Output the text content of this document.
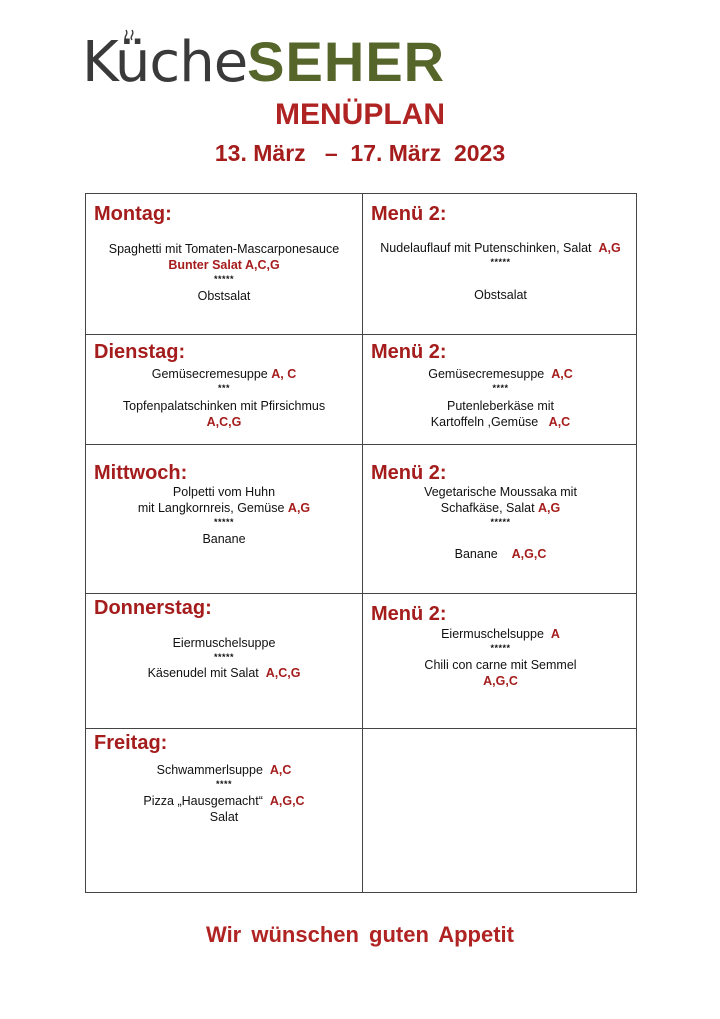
KücheSEHER
MENÜPLAN
13. März   –  17. März  2023
Montag:
Spaghetti mit Tomaten-Mascarponesauce
Bunter Salat A,C,G
*****
Obstsalat
Menü 2:
Nudelauflauf mit Putenschinken, Salat A,G
*****
Obstsalat
Dienstag:
Gemüsecremesuppe A, C
***
Topfenpalatschinken mit Pfirsichmus
A,C,G
Menü 2:
Gemüsecremesuppe A,C
****
Putenleberkäse mit
Kartoffeln ,Gemüse A,C
Mittwoch:
Polpetti vom Huhn
mit Langkornreis, Gemüse A,G
*****
Banane
Menü 2:
Vegetarische Moussaka mit
Schafkäse, Salat A,G
*****
Banane A,G,C
Donnerstag:
Eiermuschelsuppe
*****
Käsenudel mit Salat A,C,G
Menü 2:
Eiermuschelsuppe A
*****
Chili con carne mit Semmel
A,G,C
Freitag:
Schwammerlsuppe A,C
****
Pizza „Hausgemacht“ A,G,C
Salat
Wir wünschen guten Appetit
